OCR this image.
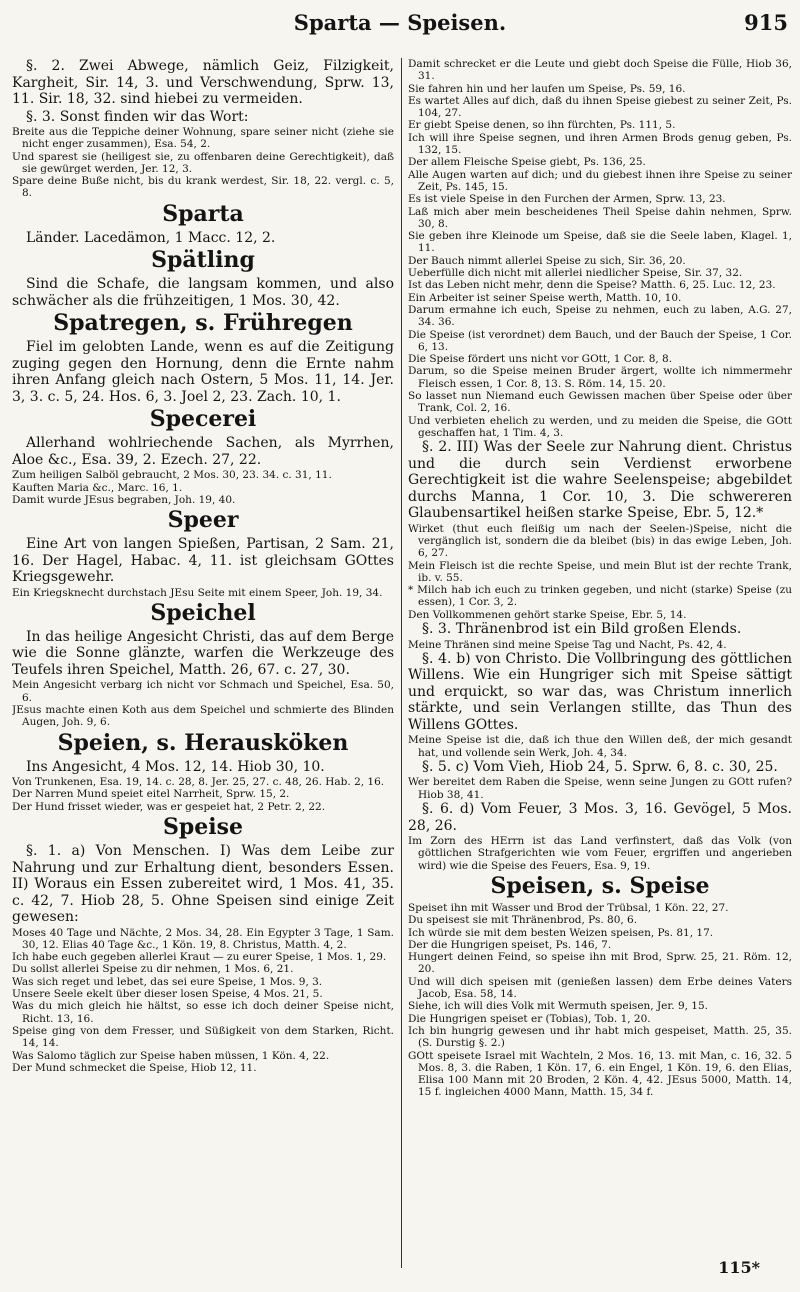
Sparta — Speisen.	915
§. 2. Zwei Abwege, nämlich Geiz, Filzigkeit, Kargheit, Sir. 14, 3. und Verschwendung, Sprw. 13, 11. Sir. 18, 32. sind hiebei zu vermeiden.
§. 3. Sonst finden wir das Wort:
Breite aus die Teppiche deiner Wohnung, spare seiner nicht (ziehe sie nicht enger zusammen), Esa. 54, 2.
Und sparest sie (heiligest sie, zu offenbaren deine Gerechtigkeit), daß sie gewürget werden, Jer. 12, 3.
Spare deine Buße nicht, bis du krank werdest, Sir. 18, 22. vergl. c. 5, 8.
Sparta
Länder. Lacedämon, 1 Macc. 12, 2.
Spätling
Sind die Schafe, die langsam kommen, und also schwächer als die frühzeitigen, 1 Mos. 30, 42.
Spatregen, s. Frühregen
Fiel im gelobten Lande, wenn es auf die Zeitigung zuging gegen den Hornung, denn die Ernte nahm ihren Anfang gleich nach Ostern, 5 Mos. 11, 14. Jer. 3, 3. c. 5, 24. Hos. 6, 3. Joel 2, 23. Zach. 10, 1.
Specerei
Allerhand wohlriechende Sachen, als Myrrhen, Aloe &c., Esa. 39, 2. Ezech. 27, 22.
Zum heiligen Salböl gebraucht, 2 Mos. 30, 23. 34. c. 31, 11.
Kauften Maria &c., Marc. 16, 1.
Damit wurde JEsus begraben, Joh. 19, 40.
Speer
Eine Art von langen Spießen, Partisan, 2 Sam. 21, 16. Der Hagel, Habac. 4, 11. ist gleichsam GOttes Kriegsgewehr.
Ein Kriegsknecht durchstach JEsu Seite mit einem Speer, Joh. 19, 34.
Speichel
In das heilige Angesicht Christi, das auf dem Berge wie die Sonne glänzte, warfen die Werkzeuge des Teufels ihren Speichel, Matth. 26, 67. c. 27, 30.
Mein Angesicht verbarg ich nicht vor Schmach und Speichel, Esa. 50, 6.
JEsus machte einen Koth aus dem Speichel und schmierte des Blinden Augen, Joh. 9, 6.
Speien, s. Herausköken
Ins Angesicht, 4 Mos. 12, 14. Hiob 30, 10.
Von Trunkenen, Esa. 19, 14. c. 28, 8. Jer. 25, 27. c. 48, 26. Hab. 2, 16.
Der Narren Mund speiet eitel Narrheit, Sprw. 15, 2.
Der Hund frisset wieder, was er gespeiet hat, 2 Petr. 2, 22.
Speise
§. 1. a) Von Menschen. I) Was dem Leibe zur Nahrung und zur Erhaltung dient, besonders Essen. II) Woraus ein Essen zubereitet wird, 1 Mos. 41, 35. c. 42, 7. Hiob 28, 5. Ohne Speisen sind einige Zeit gewesen:
Moses 40 Tage und Nächte, 2 Mos. 34, 28. Ein Egypter 3 Tage, 1 Sam. 30, 12. Elias 40 Tage &c., 1 Kön. 19, 8. Christus, Matth. 4, 2.
Ich habe euch gegeben allerlei Kraut — zu eurer Speise, 1 Mos. 1, 29.
Du sollst allerlei Speise zu dir nehmen, 1 Mos. 6, 21.
Was sich reget und lebet, das sei eure Speise, 1 Mos. 9, 3.
Unsere Seele ekelt über dieser losen Speise, 4 Mos. 21, 5.
Was du mich gleich hie hältst, so esse ich doch deiner Speise nicht, Richt. 13, 16.
Speise ging von dem Fresser, und Süßigkeit von dem Starken, Richt. 14, 14.
Was Salomo täglich zur Speise haben müssen, 1 Kön. 4, 22.
Der Mund schmecket die Speise, Hiob 12, 11.
Damit schrecket er die Leute und giebt doch Speise die Fülle, Hiob 36, 31.
Sie fahren hin und her laufen um Speise, Ps. 59, 16.
Es wartet Alles auf dich, daß du ihnen Speise giebest zu seiner Zeit, Ps. 104, 27.
Er giebt Speise denen, so ihn fürchten, Ps. 111, 5.
Ich will ihre Speise segnen, und ihren Armen Brods genug geben, Ps. 132, 15.
Der allem Fleische Speise giebt, Ps. 136, 25.
Alle Augen warten auf dich; und du giebest ihnen ihre Speise zu seiner Zeit, Ps. 145, 15.
Es ist viele Speise in den Furchen der Armen, Sprw. 13, 23.
Laß mich aber mein bescheidenes Theil Speise dahin nehmen, Sprw. 30, 8.
Sie geben ihre Kleinode um Speise, daß sie die Seele laben, Klagel. 1, 11.
Der Bauch nimmt allerlei Speise zu sich, Sir. 36, 20.
Ueberfülle dich nicht mit allerlei niedlicher Speise, Sir. 37, 32.
Ist das Leben nicht mehr, denn die Speise? Matth. 6, 25. Luc. 12, 23.
Ein Arbeiter ist seiner Speise werth, Matth. 10, 10.
Darum ermahne ich euch, Speise zu nehmen, euch zu laben, A.G. 27, 34. 36.
Die Speise (ist verordnet) dem Bauch, und der Bauch der Speise, 1 Cor. 6, 13.
Die Speise fördert uns nicht vor GOtt, 1 Cor. 8, 8.
Darum, so die Speise meinen Bruder ärgert, wollte ich nimmermehr Fleisch essen, 1 Cor. 8, 13. S. Röm. 14, 15. 20.
So lasset nun Niemand euch Gewissen machen über Speise oder über Trank, Col. 2, 16.
Und verbieten ehelich zu werden, und zu meiden die Speise, die GOtt geschaffen hat, 1 Tim. 4, 3.
§. 2. III) Was der Seele zur Nahrung dient. Christus und die durch sein Verdienst erworbene Gerechtigkeit ist die wahre Seelenspeise; abgebildet durchs Manna, 1 Cor. 10, 3. Die schwereren Glaubensartikel heißen starke Speise, Ebr. 5, 12.*
Wirket (thut euch fleißig um nach der Seelen-)Speise, nicht die vergänglich ist, sondern die da bleibet (bis) in das ewige Leben, Joh. 6, 27.
Mein Fleisch ist die rechte Speise, und mein Blut ist der rechte Trank, ib. v. 55.
* Milch hab ich euch zu trinken gegeben, und nicht (starke) Speise (zu essen), 1 Cor. 3, 2.
Den Vollkommenen gehört starke Speise, Ebr. 5, 14.
§. 3. Thränenbrod ist ein Bild großen Elends.
Meine Thränen sind meine Speise Tag und Nacht, Ps. 42, 4.
§. 4. b) von Christo. Die Vollbringung des göttlichen Willens. Wie ein Hungriger sich mit Speise sättigt und erquickt, so war das, was Christum innerlich stärkte, und sein Verlangen stillte, das Thun des Willens GOttes.
Meine Speise ist die, daß ich thue den Willen deß, der mich gesandt hat, und vollende sein Werk, Joh. 4, 34.
§. 5. c) Vom Vieh, Hiob 24, 5. Sprw. 6, 8. c. 30, 25.
Wer bereitet dem Raben die Speise, wenn seine Jungen zu GOtt rufen? Hiob 38, 41.
§. 6. d) Vom Feuer, 3 Mos. 3, 16. Gevögel, 5 Mos. 28, 26.
Im Zorn des HErrn ist das Land verfinstert, daß das Volk (von göttlichen Strafgerichten wie vom Feuer, ergriffen und angerieben wird) wie die Speise des Feuers, Esa. 9, 19.
Speisen, s. Speise
Speiset ihn mit Wasser und Brod der Trübsal, 1 Kön. 22, 27.
Du speisest sie mit Thränenbrod, Ps. 80, 6.
Ich würde sie mit dem besten Weizen speisen, Ps. 81, 17.
Der die Hungrigen speiset, Ps. 146, 7.
Hungert deinen Feind, so speise ihn mit Brod, Sprw. 25, 21. Röm. 12, 20.
Und will dich speisen mit (genießen lassen) dem Erbe deines Vaters Jacob, Esa. 58, 14.
Siehe, ich will dies Volk mit Wermuth speisen, Jer. 9, 15.
Die Hungrigen speiset er (Tobias), Tob. 1, 20.
Ich bin hungrig gewesen und ihr habt mich gespeiset, Matth. 25, 35. (S. Durstig §. 2.)
GOtt speisete Israel mit Wachteln, 2 Mos. 16, 13. mit Man, c. 16, 32. 5 Mos. 8, 3. die Raben, 1 Kön. 17, 6. ein Engel, 1 Kön. 19, 6. den Elias, Elisa 100 Mann mit 20 Broden, 2 Kön. 4, 42. JEsus 5000, Matth. 14, 15 f. ingleichen 4000 Mann, Matth. 15, 34 f.
115*
